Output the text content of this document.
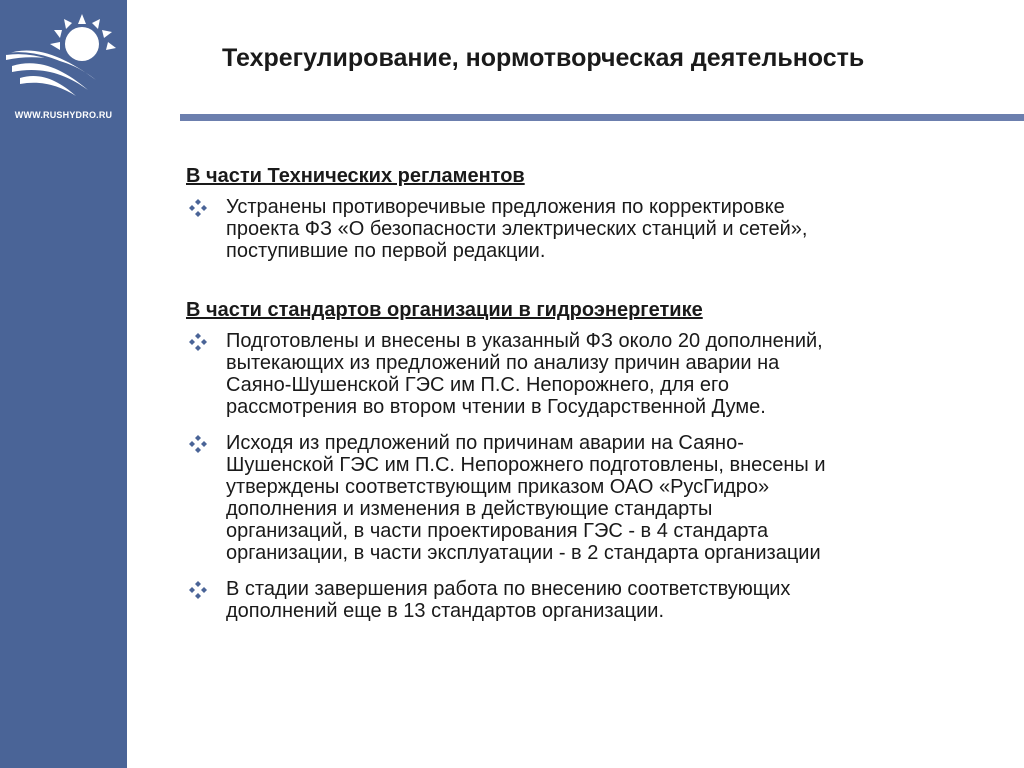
WWW.RUSHYDRO.RU
Техрегулирование, нормотворческая деятельность

В части Технических регламентов

Устранены противоречивые предложения по корректировке
проекта ФЗ «О безопасности электрических станций и сетей»,
поступившие по первой редакции.

В части стандартов организации в гидроэнергетике

Подготовлены и внесены в указанный ФЗ около 20 дополнений,
вытекающих из предложений по анализу причин аварии на
Саяно-Шушенской ГЭС им П.С. Непорожнего, для его
рассмотрения во втором чтении в Государственной Думе.
Исходя из предложений по причинам аварии на Саяно-
Шушенской ГЭС им П.С. Непорожнего подготовлены, внесены и
утверждены соответствующим приказом ОАО «РусГидро»
дополнения и изменения в действующие стандарты
организаций, в части проектирования ГЭС - в 4 стандарта
организации, в части эксплуатации - в 2 стандарта организации
В стадии завершения работа по внесению соответствующих
дополнений еще в 13 стандартов организации.
